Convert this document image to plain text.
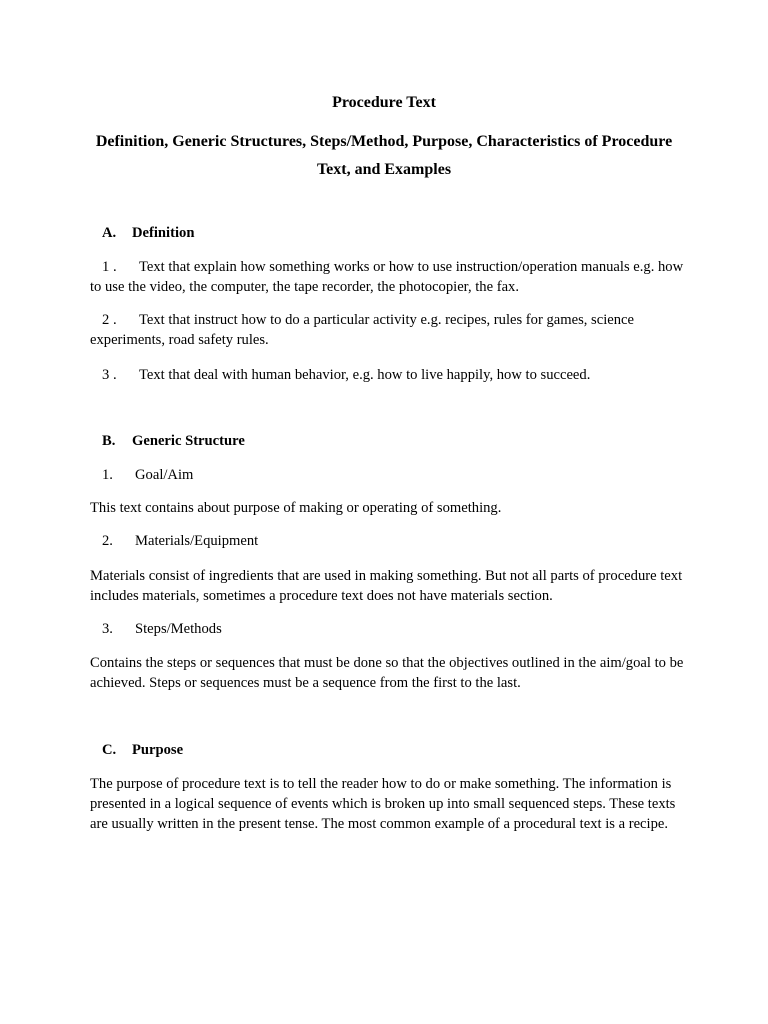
Procedure Text
Definition, Generic Structures, Steps/Method, Purpose, Characteristics of Procedure Text, and Examples
A. Definition

1 . Text that explain how something works or how to use instruction/operation manuals e.g. how to use the video, the computer, the tape recorder, the photocopier, the fax.

2 . Text that instruct how to do a particular activity e.g. recipes, rules for games, science experiments, road safety rules.

3 . Text that deal with human behavior, e.g. how to live happily, how to succeed.

B. Generic Structure
1. Goal/Aim

This text contains about purpose of making or operating of something.

2. Materials/Equipment

Materials consist of ingredients that are used in making something. But not all parts of procedure text includes materials, sometimes a procedure text does not have materials section.

3. Steps/Methods

Contains the steps or sequences that must be done so that the objectives outlined in the aim/goal to be achieved. Steps or sequences must be a sequence from the first to the last.

C. Purpose

The purpose of procedure text is to tell the reader how to do or make something. The information is presented in a logical sequence of events which is broken up into small sequenced steps. These texts are usually written in the present tense. The most common example of a procedural text is a recipe.
